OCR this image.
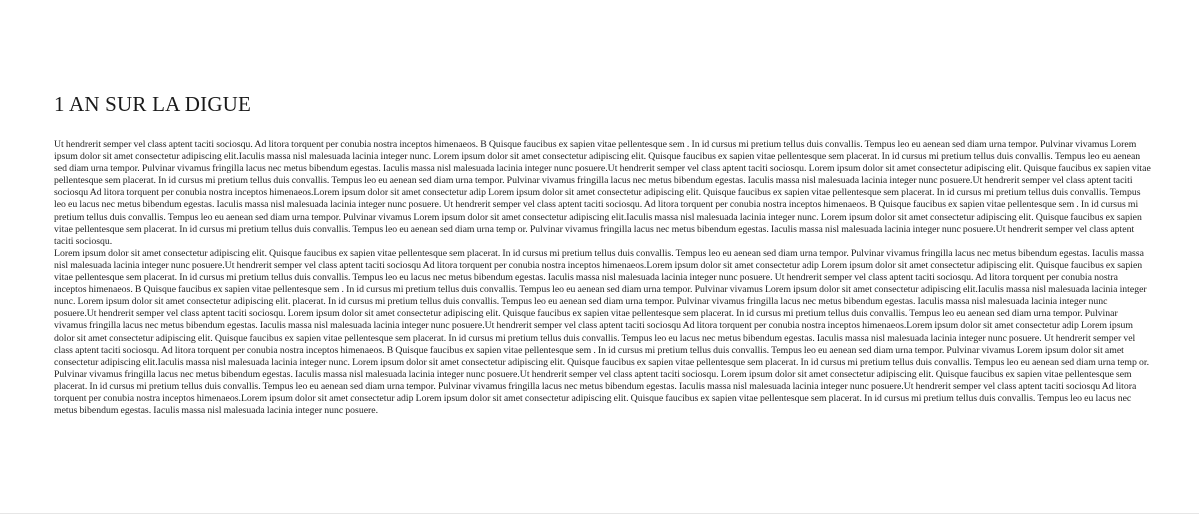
1 AN SUR LA DIGUE

Ut hendrerit semper vel class aptent taciti sociosqu. Ad litora torquent per conubia nostra inceptos himenaeos. B Quisque faucibus ex sapien vitae pellentesque sem . In id cursus mi pretium tellus duis convallis. Tempus leo eu aenean sed diam urna tempor. Pulvinar vivamus Lorem ipsum dolor sit amet consectetur adipiscing elit.Iaculis massa nisl malesuada lacinia integer nunc. Lorem ipsum dolor sit amet consectetur adipiscing elit. Quisque faucibus ex sapien vitae pellentesque sem placerat. In id cursus mi pretium tellus duis convallis. Tempus leo eu aenean sed diam urna tempor. Pulvinar vivamus fringilla lacus nec metus bibendum egestas. Iaculis massa nisl malesuada lacinia integer nunc posuere.Ut hendrerit semper vel class aptent taciti sociosqu. Lorem ipsum dolor sit amet consectetur adipiscing elit. Quisque faucibus ex sapien vitae pellentesque sem placerat. In id cursus mi pretium tellus duis convallis. Tempus leo eu aenean sed diam urna tempor. Pulvinar vivamus fringilla lacus nec metus bibendum egestas. Iaculis massa nisl malesuada lacinia integer nunc posuere.Ut hendrerit semper vel class aptent taciti sociosqu Ad litora torquent per conubia nostra inceptos himenaeos.Lorem ipsum dolor sit amet consectetur adip Lorem ipsum dolor sit amet consectetur adipiscing elit. Quisque faucibus ex sapien vitae pellentesque sem placerat. In id cursus mi pretium tellus duis convallis. Tempus leo eu lacus nec metus bibendum egestas. Iaculis massa nisl malesuada lacinia integer nunc posuere. Ut hendrerit semper vel class aptent taciti sociosqu. Ad litora torquent per conubia nostra inceptos himenaeos. B Quisque faucibus ex sapien vitae pellentesque sem . In id cursus mi pretium tellus duis convallis. Tempus leo eu aenean sed diam urna tempor. Pulvinar vivamus Lorem ipsum dolor sit amet consectetur adipiscing elit.Iaculis massa nisl malesuada lacinia integer nunc. Lorem ipsum dolor sit amet consectetur adipiscing elit. Quisque faucibus ex sapien vitae pellentesque sem placerat. In id cursus mi pretium tellus duis convallis. Tempus leo eu aenean sed diam urna temp or. Pulvinar vivamus fringilla lacus nec metus bibendum egestas. Iaculis massa nisl malesuada lacinia integer nunc posuere.Ut hendrerit semper vel class aptent taciti sociosqu.

Lorem ipsum dolor sit amet consectetur adipiscing elit. Quisque faucibus ex sapien vitae pellentesque sem placerat. In id cursus mi pretium tellus duis convallis. Tempus leo eu aenean sed diam urna tempor. Pulvinar vivamus fringilla lacus nec metus bibendum egestas. Iaculis massa nisl malesuada lacinia integer nunc posuere.Ut hendrerit semper vel class aptent taciti sociosqu Ad litora torquent per conubia nostra inceptos himenaeos.Lorem ipsum dolor sit amet consectetur adip Lorem ipsum dolor sit amet consectetur adipiscing elit. Quisque faucibus ex sapien vitae pellentesque sem placerat. In id cursus mi pretium tellus duis convallis. Tempus leo eu lacus nec metus bibendum egestas. Iaculis massa nisl malesuada lacinia integer nunc posuere. Ut hendrerit semper vel class aptent taciti sociosqu. Ad litora torquent per conubia nostra inceptos himenaeos. B Quisque faucibus ex sapien vitae pellentesque sem . In id cursus mi pretium tellus duis convallis. Tempus leo eu aenean sed diam urna tempor. Pulvinar vivamus Lorem ipsum dolor sit amet consectetur adipiscing elit.Iaculis massa nisl malesuada lacinia integer nunc. Lorem ipsum dolor sit amet consectetur adipiscing elit. placerat. In id cursus mi pretium tellus duis convallis. Tempus leo eu aenean sed diam urna tempor. Pulvinar vivamus fringilla lacus nec metus bibendum egestas. Iaculis massa nisl malesuada lacinia integer nunc posuere.Ut hendrerit semper vel class aptent taciti sociosqu. Lorem ipsum dolor sit amet consectetur adipiscing elit. Quisque faucibus ex sapien vitae pellentesque sem placerat. In id cursus mi pretium tellus duis convallis. Tempus leo eu aenean sed diam urna tempor. Pulvinar vivamus fringilla lacus nec metus bibendum egestas. Iaculis massa nisl malesuada lacinia integer nunc posuere.Ut hendrerit semper vel class aptent taciti sociosqu Ad litora torquent per conubia nostra inceptos himenaeos.Lorem ipsum dolor sit amet consectetur adip Lorem ipsum dolor sit amet consectetur adipiscing elit. Quisque faucibus ex sapien vitae pellentesque sem placerat. In id cursus mi pretium tellus duis convallis. Tempus leo eu lacus nec metus bibendum egestas. Iaculis massa nisl malesuada lacinia integer nunc posuere. Ut hendrerit semper vel class aptent taciti sociosqu. Ad litora torquent per conubia nostra inceptos himenaeos. B Quisque faucibus ex sapien vitae pellentesque sem . In id cursus mi pretium tellus duis convallis. Tempus leo eu aenean sed diam urna tempor. Pulvinar vivamus Lorem ipsum dolor sit amet consectetur adipiscing elit.Iaculis massa nisl malesuada lacinia integer nunc. Lorem ipsum dolor sit amet consectetur adipiscing elit. Quisque faucibus ex sapien vitae pellentesque sem placerat. In id cursus mi pretium tellus duis convallis. Tempus leo eu aenean sed diam urna temp or. Pulvinar vivamus fringilla lacus nec metus bibendum egestas. Iaculis massa nisl malesuada lacinia integer nunc posuere.Ut hendrerit semper vel class aptent taciti sociosqu. Lorem ipsum dolor sit amet consectetur adipiscing elit. Quisque faucibus ex sapien vitae pellentesque sem placerat. In id cursus mi pretium tellus duis convallis. Tempus leo eu aenean sed diam urna tempor. Pulvinar vivamus fringilla lacus nec metus bibendum egestas. Iaculis massa nisl malesuada lacinia integer nunc posuere.Ut hendrerit semper vel class aptent taciti sociosqu Ad litora torquent per conubia nostra inceptos himenaeos.Lorem ipsum dolor sit amet consectetur adip Lorem ipsum dolor sit amet consectetur adipiscing elit. Quisque faucibus ex sapien vitae pellentesque sem placerat. In id cursus mi pretium tellus duis convallis. Tempus leo eu lacus nec metus bibendum egestas. Iaculis massa nisl malesuada lacinia integer nunc posuere.
